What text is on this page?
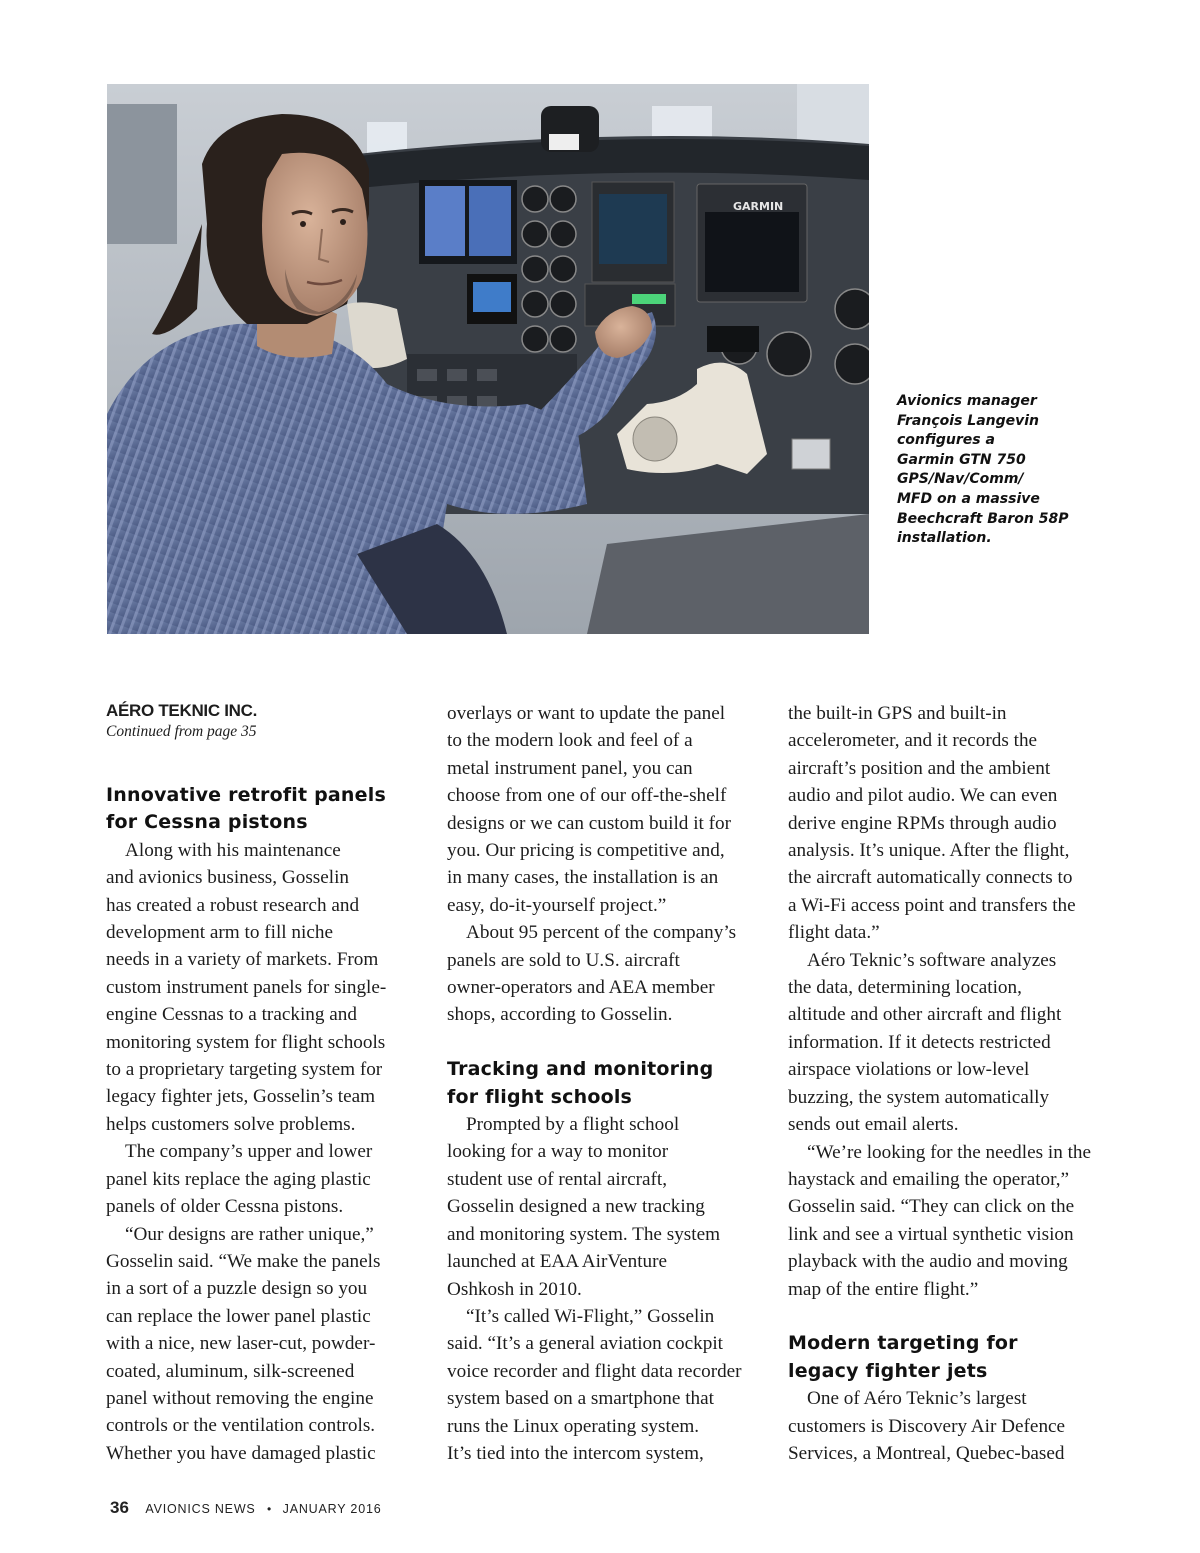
GARMIN
Avionics manager
François Langevin
configures a
Garmin GTN 750
GPS/Nav/Comm/
MFD on a massive
Beechcraft Baron 58P
installation.
AÉRO TEKNIC INC.
Continued from page 35
Innovative retrofit panels
for Cessna pistons

Along with his maintenance
and avionics business, Gosselin
has created a robust research and
development arm to fill niche
needs in a variety of markets. From
custom instrument panels for single-
engine Cessnas to a tracking and
monitoring system for flight schools
to a proprietary targeting system for
legacy fighter jets, Gosselin’s team
helps customers solve problems.
The company’s upper and lower
panel kits replace the aging plastic
panels of older Cessna pistons.
“Our designs are rather unique,”
Gosselin said. “We make the panels
in a sort of a puzzle design so you
can replace the lower panel plastic
with a nice, new laser-cut, powder-
coated, aluminum, silk-screened
panel without removing the engine
controls or the ventilation controls.
Whether you have damaged plastic

overlays or want to update the panel
to the modern look and feel of a
metal instrument panel, you can
choose from one of our off-the-shelf
designs or we can custom build it for
you. Our pricing is competitive and,
in many cases, the installation is an
easy, do-it-yourself project.”
About 95 percent of the company’s
panels are sold to U.S. aircraft
owner-operators and AEA member
shops, according to Gosselin.

Tracking and monitoring
for flight schools

Prompted by a flight school
looking for a way to monitor
student use of rental aircraft,
Gosselin designed a new tracking
and monitoring system. The system
launched at EAA AirVenture
Oshkosh in 2010.
“It’s called Wi-Flight,” Gosselin
said. “It’s a general aviation cockpit
voice recorder and flight data recorder
system based on a smartphone that
runs the Linux operating system.
It’s tied into the intercom system,

the built-in GPS and built-in
accelerometer, and it records the
aircraft’s position and the ambient
audio and pilot audio. We can even
derive engine RPMs through audio
analysis. It’s unique. After the flight,
the aircraft automatically connects to
a Wi-Fi access point and transfers the
flight data.”
Aéro Teknic’s software analyzes
the data, determining location,
altitude and other aircraft and flight
information. If it detects restricted
airspace violations or low-level
buzzing, the system automatically
sends out email alerts.
“We’re looking for the needles in the
haystack and emailing the operator,”
Gosselin said. “They can click on the
link and see a virtual synthetic vision
playback with the audio and moving
map of the entire flight.”

Modern targeting for
legacy fighter jets

One of Aéro Teknic’s largest
customers is Discovery Air Defence
Services, a Montreal, Quebec-based

36 AVIONICS NEWS • JANUARY 2016
